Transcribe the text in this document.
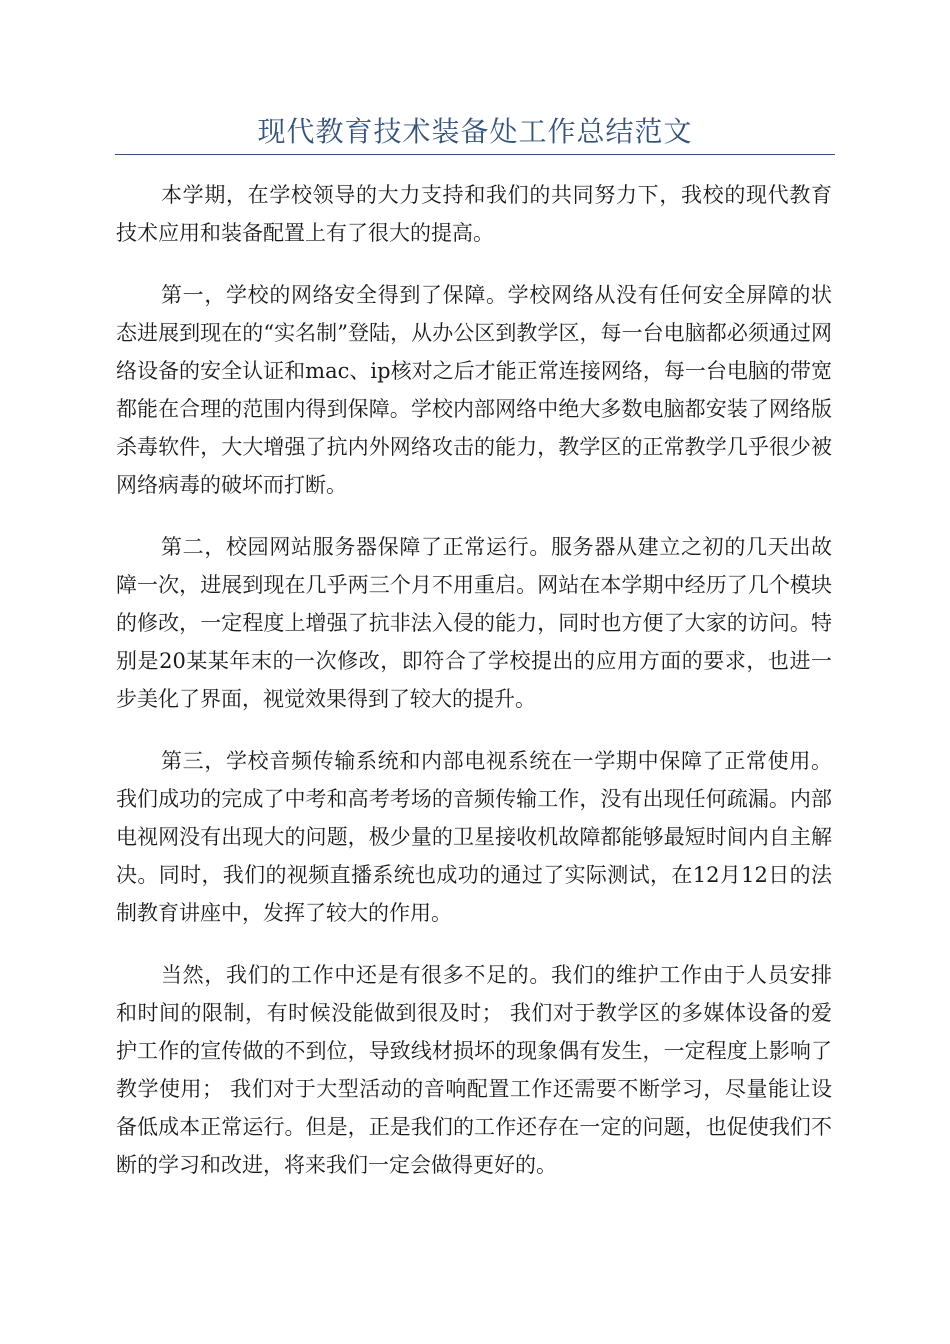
现代教育技术装备处工作总结范文

本学期，在学校领导的大力支持和我们的共同努力下，我校的现代教育技术应用和装备配置上有了很大的提高。

第一，学校的网络安全得到了保障。学校网络从没有任何安全屏障的状态进展到现在的“实名制”登陆，从办公区到教学区，每一台电脑都必须通过网络设备的安全认证和mac、ip核对之后才能正常连接网络，每一台电脑的带宽都能在合理的范围内得到保障。学校内部网络中绝大多数电脑都安装了网络版杀毒软件，大大增强了抗内外网络攻击的能力，教学区的正常教学几乎很少被网络病毒的破坏而打断。

第二，校园网站服务器保障了正常运行。服务器从建立之初的几天出故障一次，进展到现在几乎两三个月不用重启。网站在本学期中经历了几个模块的修改，一定程度上增强了抗非法入侵的能力，同时也方便了大家的访问。特别是20某某年末的一次修改，即符合了学校提出的应用方面的要求，也进一步美化了界面，视觉效果得到了较大的提升。

第三，学校音频传输系统和内部电视系统在一学期中保障了正常使用。我们成功的完成了中考和高考考场的音频传输工作，没有出现任何疏漏。内部电视网没有出现大的问题，极少量的卫星接收机故障都能够最短时间内自主解决。同时，我们的视频直播系统也成功的通过了实际测试，在12月12日的法制教育讲座中，发挥了较大的作用。

当然，我们的工作中还是有很多不足的。我们的维护工作由于人员安排和时间的限制，有时候没能做到很及时； 我们对于教学区的多媒体设备的爱护工作的宣传做的不到位，导致线材损坏的现象偶有发生，一定程度上影响了教学使用； 我们对于大型活动的音响配置工作还需要不断学习，尽量能让设备低成本正常运行。但是，正是我们的工作还存在一定的问题，也促使我们不断的学习和改进，将来我们一定会做得更好的。
